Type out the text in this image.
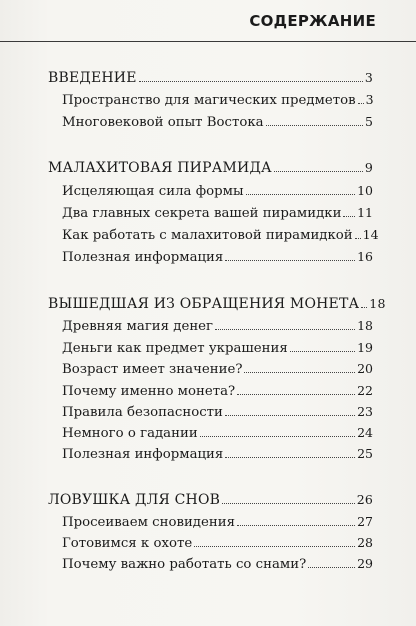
СОДЕРЖАНИЕ
ВВЕДЕНИЕ	3
Пространство для магических предметов 3
Многовековой опыт Востока	5
МАЛАХИТОВАЯ ПИРАМИДА	9
Исцеляющая сила формы	10
Два главных секрета вашей пирамидки 11
Как работать с малахитовой пирамидкой 14
Полезная информация	16
ВЫШЕДШАЯ ИЗ ОБРАЩЕНИЯ МОНЕТА 18
Древняя магия денег	18
Деньги как предмет украшения	19
Возраст имеет значение?	20
Почему именно монета?	22
Правила безопасности	23
Немного о гадании	24
Полезная информация	25
ЛОВУШКА ДЛЯ СНОВ	26
Просеиваем сновидения	27
Готовимся к охоте	28
Почему важно работать со снами?	29
